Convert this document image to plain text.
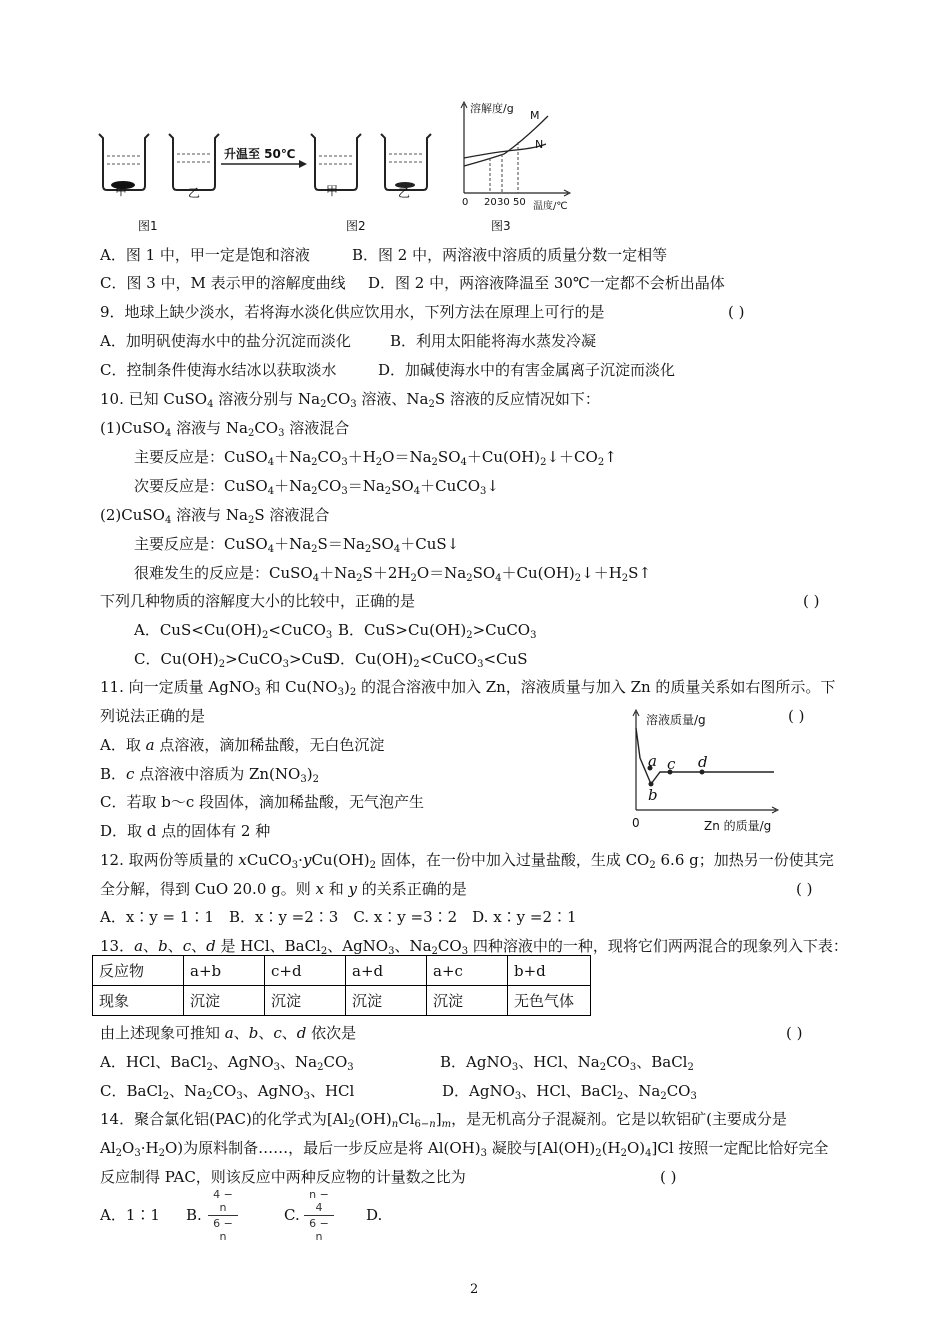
甲	乙	甲	乙
升温至 50℃
图1	图2	图3
溶解度/g
M
N
0 20 30 50 温度/℃
A．图 1 中，甲一定是饱和溶液	B．图 2 中，两溶液中溶质的质量分数一定相等
C．图 3 中，M 表示甲的溶解度曲线 D．图 2 中，两溶液降温至 30℃一定都不会析出晶体
9．地球上缺少淡水，若将海水淡化供应饮用水，下列方法在原理上可行的是	( )
A．加明矾使海水中的盐分沉淀而淡化	B．利用太阳能将海水蒸发冷凝
C．控制条件使海水结冰以获取淡水	D．加碱使海水中的有害金属离子沉淀而淡化
10. 已知 CuSO$_4$ 溶液分别与 $Na_2CO_3$ 溶液、$Na_2S$ 溶液的反应情况如下：
(1)CuSO$_4$ 溶液与 $Na_2CO_3$ 溶液混合
主要反应是：$CuSO_4+Na_2CO_3+H_2O=Na_2SO_4+Cu(OH)_2↓+CO_2↑$
次要反应是：$CuSO_4+Na_2CO_3=Na_2SO_4+CuCO_3↓$
(2)CuSO$_4$ 溶液与 $Na_2S$ 溶液混合
主要反应是：$CuSO_4+Na_2S=Na_2SO_4+CuS↓$
很难发生的反应是：$CuSO_4+Na_2S+2H_2O=Na_2SO_4+Cu(OH)_2↓+H_2S↑$
下列几种物质的溶解度大小的比较中，正确的是	( )
A．$CuS<Cu(OH)_2<CuCO_3$ B．$CuS>Cu(OH)_2>CuCO_3$
C．$Cu(OH)_2>CuCO_3>CuS$
D．$Cu(OH)_2<CuCO_3<CuS$
11. 向一定质量 AgNO$_3$ 和 $Cu(NO_3)_2$ 的混合溶液中加入 Zn，溶液质量与加入 Zn 的质量关系如右图所示。下
列说法正确的是	( )
A．取 a 点溶液，滴加稀盐酸，无白色沉淀
B．c 点溶液中溶质为 $Zn(NO_3)_2$
C．若取 b～c 段固体，滴加稀盐酸，无气泡产生
D．取 d 点的固体有 2 种
溶液质量/g
a
b
c d
0	Zn 的质量/g
12. 取两份等质量的 $xCuCO_3\cdot yCu(OH)_2$ 固体，在一份中加入过量盐酸，生成 $CO_2$ 6.6 g；加热另一份使其完
全分解，得到 CuO 20.0 g。则 x 和 y 的关系正确的是	( )
A．x∶y = 1∶1　B．x∶y =2∶3　C. x∶y =3∶2　D. x∶y =2∶1
13．a、b、c、d 是 HCl、BaCl$_2$、AgNO$_3$、$Na_2CO_3$ 四种溶液中的一种，现将它们两两混合的现象列入下表：
反应物	a+b	c+d	a+d	a+c	b+d
现象	沉淀	沉淀	沉淀	沉淀	无色气体
由上述现象可推知 a、b、c、d 依次是	( )
A．HCl、BaCl$_2$、AgNO$_3$、$Na_2CO_3$	B．AgNO$_3$、HCl、$Na_2CO_3$、BaCl$_2$
C．BaCl$_2$、$Na_2CO_3$、AgNO$_3$、HCl	D．AgNO$_3$、HCl、BaCl$_2$、$Na_2CO_3$
14．聚合氯化铝(PAC)的化学式为$[Al_2(OH)_nCl_{6-n}]_m$，是无机高分子混凝剂。它是以软铝矿(主要成分是
$Al_2O_3\cdot H_2O$)为原料制备……，最后一步反应是将 $Al(OH)_3$ 凝胶与$[Al(OH)_2(H_2O)_4]Cl$ 按照一定配比恰好完全
反应制得 PAC，则该反应中两种反应物的计量数之比为	( )
A．1∶1 B.
4 − n
6 − n
C.
n − 4
6 − n
D.
2
